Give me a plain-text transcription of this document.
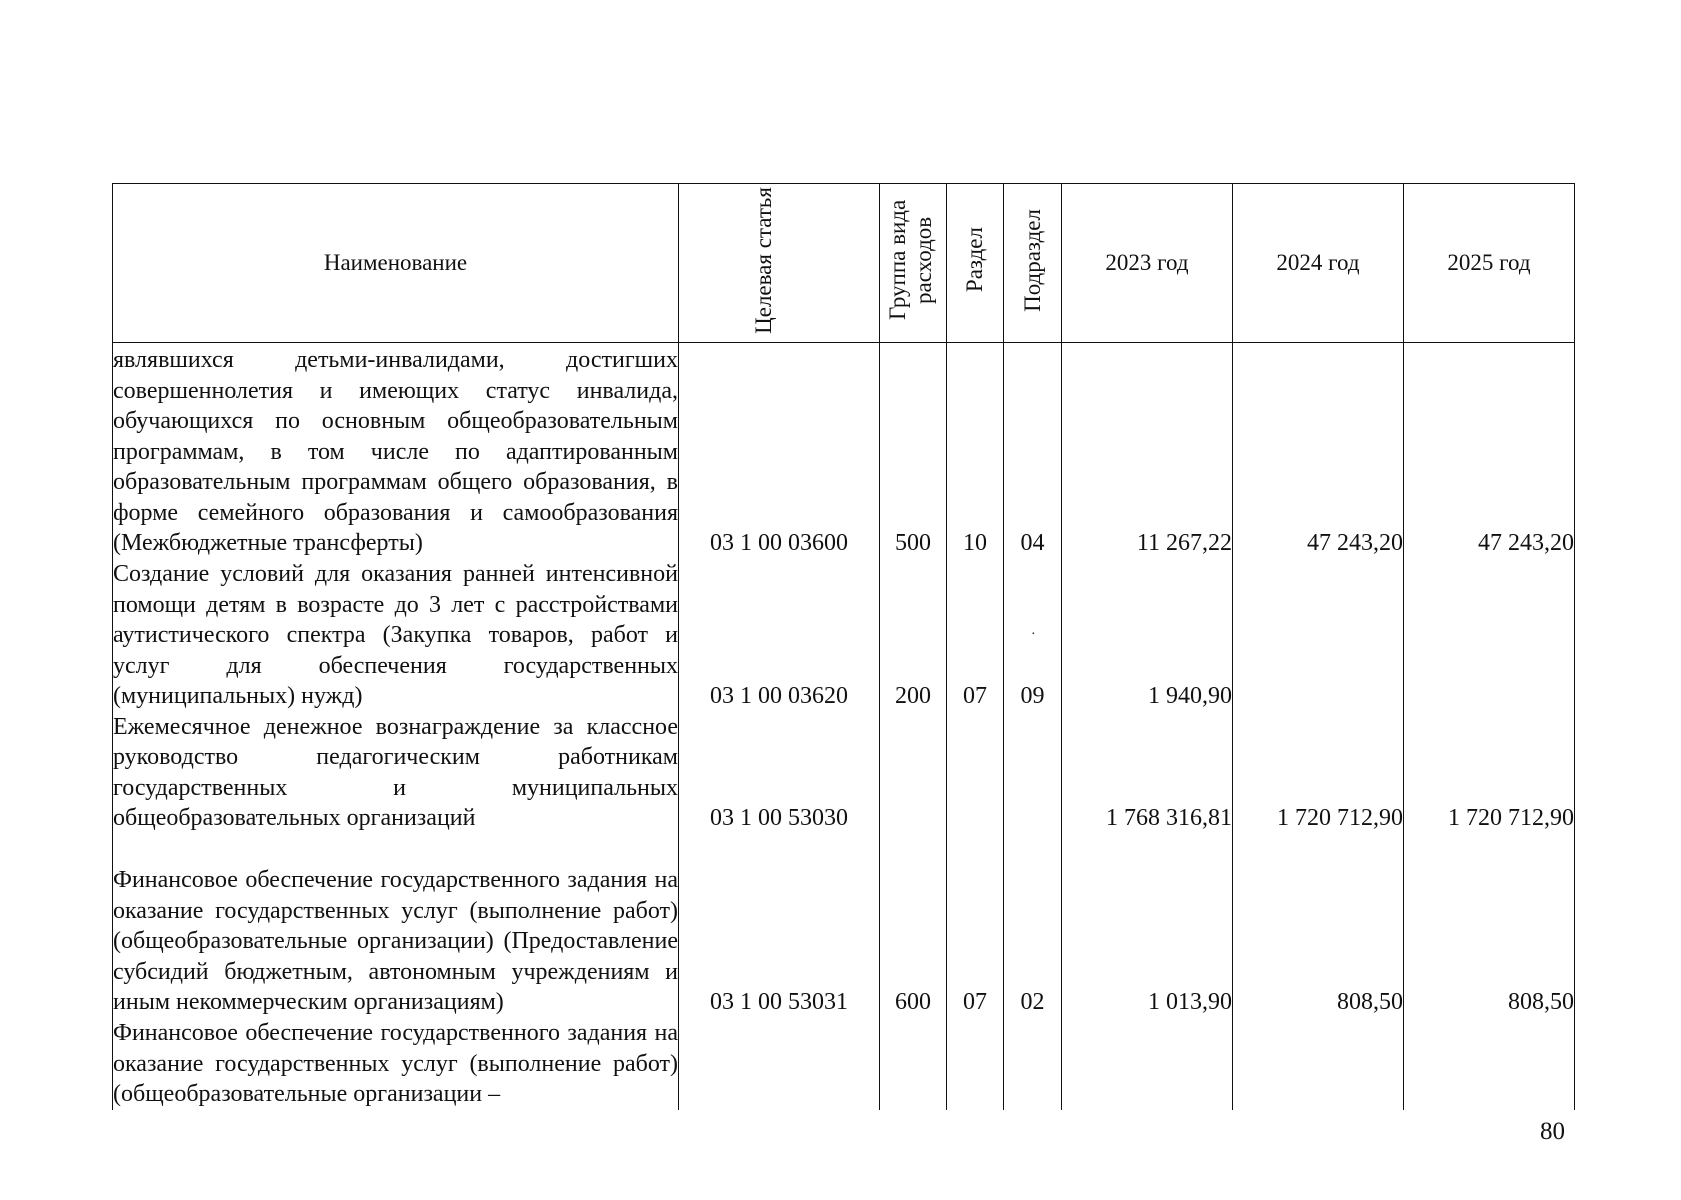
Наименование	Целевая статья	Группа вида расходов	Раздел	Подраздел	2023 год	2024 год	2025 год
являвшихся детьми-инвалидами, достигших совершеннолетия и имеющих статус инвалида, обучающихся по основным общеобразовательным программам, в том числе по адаптированным образовательным программам общего образования, в форме семейного образования и самообразования (Межбюджетные трансферты)	03 1 00 03600	500	10	04	11 267,22	47 243,20	47 243,20
Создание условий для оказания ранней интенсивной помощи детям в возрасте до 3 лет с расстройствами аутистического спектра (Закупка товаров, работ и услуг для обеспечения государственных (муниципальных) нужд)	03 1 00 03620	200	07	09	1 940,90		
Ежемесячное денежное вознаграждение за классное руководство педагогическим работникам государственных и муниципальных общеобразовательных организаций	03 1 00 53030				1 768 316,81	1 720 712,90	1 720 712,90
Финансовое обеспечение государственного задания на оказание государственных услуг (выполнение работ) (общеобразовательные организации) (Предоставление субсидий бюджетным, автономным учреждениям и иным некоммерческим организациям)	03 1 00 53031	600	07	02	1 013,90	808,50	808,50
Финансовое обеспечение государственного задания на оказание государственных услуг (выполнение работ) (общеобразовательные организации –							
·
80
